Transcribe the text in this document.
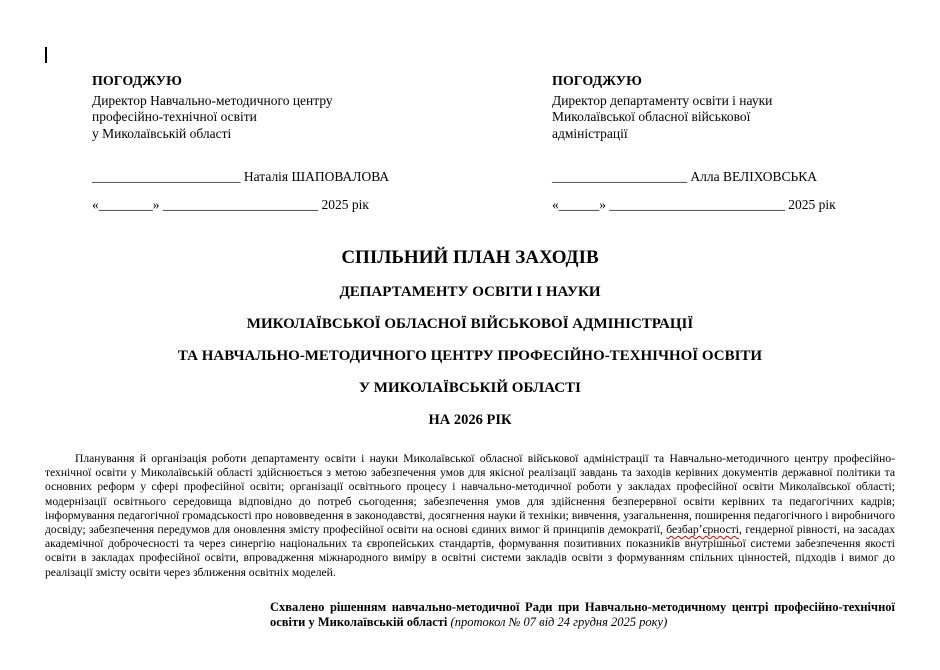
ПОГОДЖУЮ
Директор Навчально-методичного центру
професійно-технічної освіти
у Миколаївській області
______________________ Наталія ШАПОВАЛОВА
«________» _______________________ 2025 рік
ПОГОДЖУЮ
Директор департаменту освіти і науки
Миколаївської обласної військової
адміністрації
____________________ Алла ВЕЛІХОВСЬКА
«______» __________________________ 2025 рік
СПІЛЬНИЙ ПЛАН ЗАХОДІВ
ДЕПАРТАМЕНТУ ОСВІТИ І НАУКИ
МИКОЛАЇВСЬКОЇ ОБЛАСНОЇ ВІЙСЬКОВОЇ АДМІНІСТРАЦІЇ
ТА НАВЧАЛЬНО-МЕТОДИЧНОГО ЦЕНТРУ ПРОФЕСІЙНО-ТЕХНІЧНОЇ ОСВІТИ
У МИКОЛАЇВСЬКІЙ ОБЛАСТІ
НА 2026 РІК

Планування й організація роботи департаменту освіти і науки Миколаївської обласної військової адміністрації та Навчально-методичного центру професійно-технічної освіти у Миколаївській області здійснюється з метою забезпечення умов для якісної реалізації завдань та заходів керівних документів державної політики та основних реформ у сфері професійної освіти; організації освітнього процесу і навчально-методичної роботи у закладах професійної освіти Миколаївської області; модернізації освітнього середовища відповідно до потреб сьогодення; забезпечення умов для здійснення безперервної освіти керівних та педагогічних кадрів; інформування педагогічної громадськості про нововведення в законодавстві, досягнення науки й техніки; вивчення, узагальнення, поширення педагогічного і виробничого досвіду; забезпечення передумов для оновлення змісту професійної освіти на основі єдиних вимог й принципів демократії, безбарʼєрності, гендерної рівності, на засадах академічної доброчесності та через синергію національних та європейських стандартів, формування позитивних показників внутрішньої системи забезпечення якості освіти в закладах професійної освіти, впровадження міжнародного виміру в освітні системи закладів освіти з формуванням спільних цінностей, підходів і вимог до реалізації змісту освіти через зближення освітніх моделей.

Схвалено рішенням навчально-методичної Ради при Навчально-методичному центрі професійно-технічної освіти у Миколаївській області (протокол № 07 від 24 грудня 2025 року)
